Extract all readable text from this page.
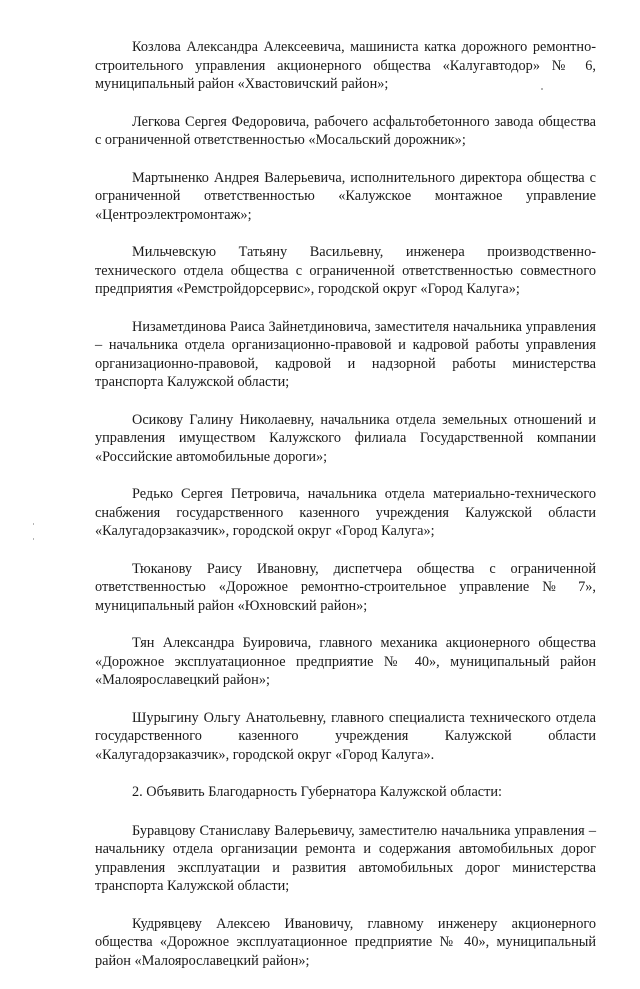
Козлова Александра Алексеевича, машиниста катка дорожного ремонтно-строительного управления акционерного общества «Калугавтодор» № 6, муниципальный район «Хвастовичский район»;

Легкова Сергея Федоровича, рабочего асфальтобетонного завода общества с ограниченной ответственностью «Мосальский дорожник»;

Мартыненко Андрея Валерьевича, исполнительного директора общества с ограниченной ответственностью «Калужское монтажное управление «Центроэлектромонтаж»;

Мильчевскую Татьяну Васильевну, инженера производственно-технического отдела общества с ограниченной ответственностью совместного предприятия «Ремстройдорсервис», городской округ «Город Калуга»;

Низаметдинова Раиса Зайнетдиновича, заместителя начальника управления – начальника отдела организационно-правовой и кадровой работы управления организационно-правовой, кадровой и надзорной работы министерства транспорта Калужской области;

Осикову Галину Николаевну, начальника отдела земельных отношений и управления имуществом Калужского филиала Государственной компании «Российские автомобильные дороги»;

Редько Сергея Петровича, начальника отдела материально-технического снабжения государственного казенного учреждения Калужской области «Калугадорзаказчик», городской округ «Город Калуга»;

Тюканову Раису Ивановну, диспетчера общества с ограниченной ответственностью «Дорожное ремонтно-строительное управление № 7», муниципальный район «Юхновский район»;

Тян Александра Буировича, главного механика акционерного общества «Дорожное эксплуатационное предприятие № 40», муниципальный район «Малоярославецкий район»;

Шурыгину Ольгу Анатольевну, главного специалиста технического отдела государственного казенного учреждения Калужской области «Калугадорзаказчик», городской округ «Город Калуга».

2. Объявить Благодарность Губернатора Калужской области:

Буравцову Станиславу Валерьевичу, заместителю начальника управления – начальнику отдела организации ремонта и содержания автомобильных дорог управления эксплуатации и развития автомобильных дорог министерства транспорта Калужской области;

Кудрявцеву Алексею Ивановичу, главному инженеру акционерного общества «Дорожное эксплуатационное предприятие № 40», муниципальный район «Малоярославецкий район»;
